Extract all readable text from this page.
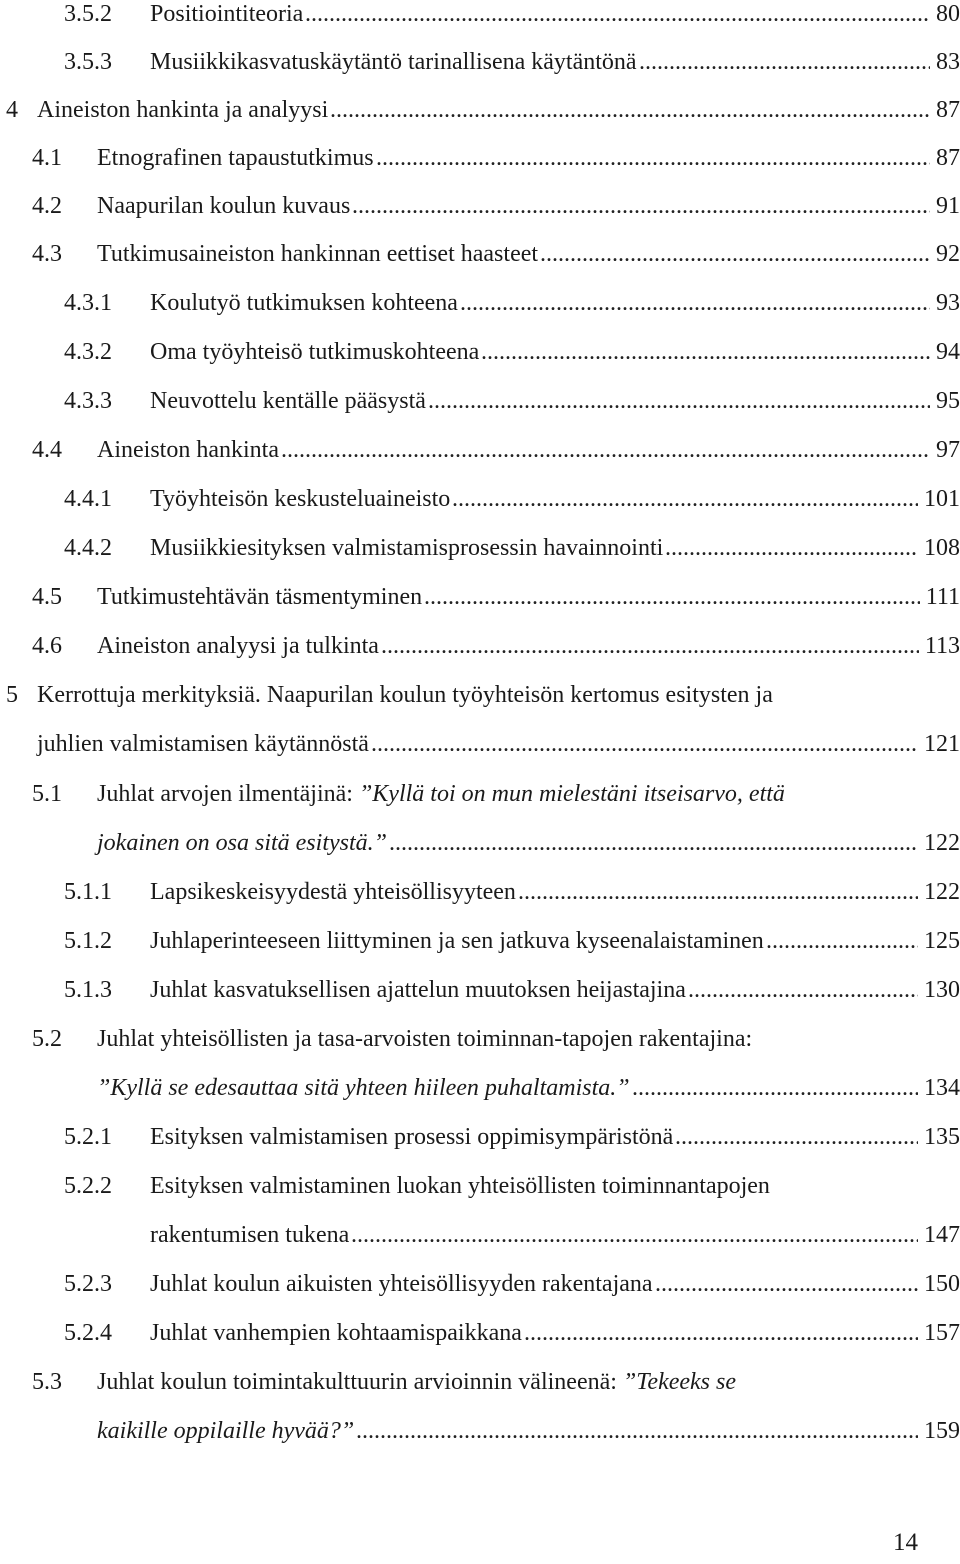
3.5.2 Positiointiteoria .....	80
3.5.3 Musiikkikasvatuskäytäntö tarinallisena käytäntönä .....	83
4 Aineiston hankinta ja analyysi .....	87
4.1 Etnografinen tapaustutkimus .....	87
4.2 Naapurilan koulun kuvaus .....	91
4.3 Tutkimusaineiston hankinnan eettiset haasteet .....	92
4.3.1 Koulutyö tutkimuksen kohteena .....	93
4.3.2 Oma työyhteisö tutkimuskohteena .....	94
4.3.3 Neuvottelu kentälle pääsystä .....	95
4.4 Aineiston hankinta .....	97
4.4.1 Työyhteisön keskusteluaineisto .....	101
4.4.2 Musiikkiesityksen valmistamisprosessin havainnointi .....	108
4.5 Tutkimustehtävän täsmentyminen .....	111
4.6 Aineiston analyysi ja tulkinta .....	113
5 Kerrottuja merkityksiä. Naapurilan koulun työyhteisön kertomus esitysten ja
juhlien valmistamisen käytännöstä .....	121
5.1 Juhlat arvojen ilmentäjinä: ”Kyllä toi on mun mielestäni itseisarvo, että
jokainen on osa sitä esitystä.” .....	122
5.1.1 Lapsikeskeisyydestä yhteisöllisyyteen .....	122
5.1.2 Juhlaperinteeseen liittyminen ja sen jatkuva kyseenalaistaminen .....	125
5.1.3 Juhlat kasvatuksellisen ajattelun muutoksen heijastajina .....	130
5.2 Juhlat yhteisöllisten ja tasa-arvoisten toiminnan-tapojen rakentajina:
”Kyllä se edesauttaa sitä yhteen hiileen puhaltamista.” .....	134
5.2.1 Esityksen valmistamisen prosessi oppimisympäristönä .....	135
5.2.2 Esityksen valmistaminen luokan yhteisöllisten toiminnantapojen
rakentumisen tukena .....	147
5.2.3 Juhlat koulun aikuisten yhteisöllisyyden rakentajana .....	150
5.2.4 Juhlat vanhempien kohtaamispaikkana .....	157
5.3 Juhlat koulun toimintakulttuurin arvioinnin välineenä: ”Tekeeks se
kaikille oppilaille hyvää?” .....	159
14
